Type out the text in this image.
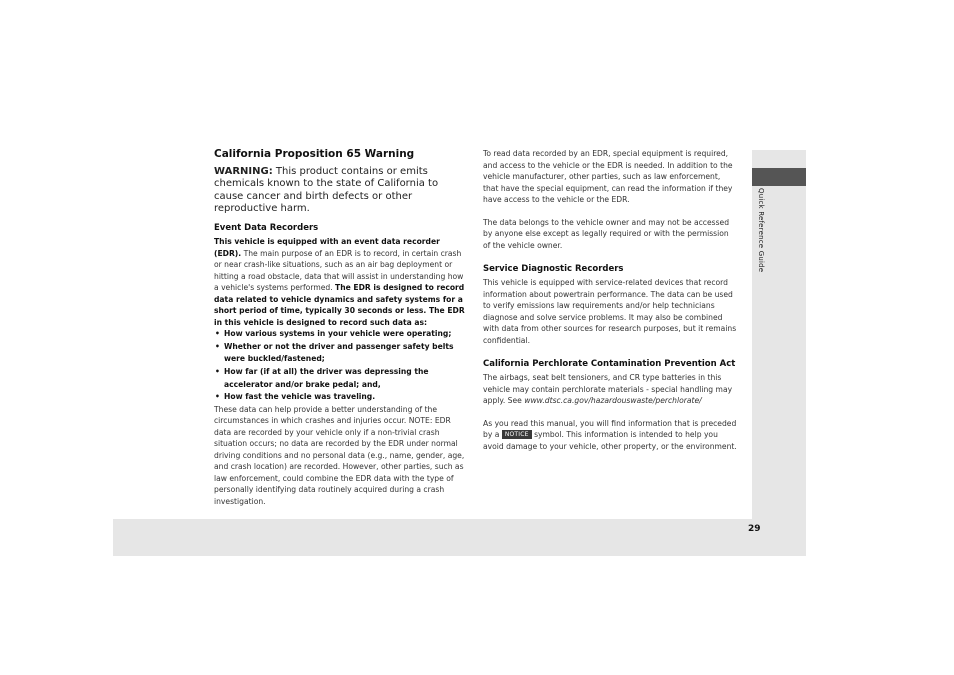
Quick Reference Guide
29
California Proposition 65 Warning
WARNING: This product contains or emits chemicals known to the state of California to cause cancer and birth defects or other reproductive harm.
Event Data Recorders

This vehicle is equipped with an event data recorder (EDR). The main purpose of an EDR is to record, in certain crash or near crash-like situations, such as an air bag deployment or hitting a road obstacle, data that will assist in understanding how a vehicle's systems performed. The EDR is designed to record data related to vehicle dynamics and safety systems for a short period of time, typically 30 seconds or less. The EDR in this vehicle is designed to record such data as:

• How various systems in your vehicle were operating;
• Whether or not the driver and passenger safety belts were buckled/fastened;
• How far (if at all) the driver was depressing the accelerator and/or brake pedal; and,
• How fast the vehicle was traveling.

These data can help provide a better understanding of the circumstances in which crashes and injuries occur. NOTE: EDR data are recorded by your vehicle only if a non-trivial crash situation occurs; no data are recorded by the EDR under normal driving conditions and no personal data (e.g., name, gender, age, and crash location) are recorded. However, other parties, such as law enforcement, could combine the EDR data with the type of personally identifying data routinely acquired during a crash investigation.

To read data recorded by an EDR, special equipment is required, and access to the vehicle or the EDR is needed. In addition to the vehicle manufacturer, other parties, such as law enforcement, that have the special equipment, can read the information if they have access to the vehicle or the EDR.

The data belongs to the vehicle owner and may not be accessed by anyone else except as legally required or with the permission of the vehicle owner.

Service Diagnostic Recorders

This vehicle is equipped with service-related devices that record information about powertrain performance. The data can be used to verify emissions law requirements and/or help technicians diagnose and solve service problems. It may also be combined with data from other sources for research purposes, but it remains confidential.

California Perchlorate Contamination Prevention Act

The airbags, seat belt tensioners, and CR type batteries in this vehicle may contain perchlorate materials - special handling may apply. See www.dtsc.ca.gov/hazardouswaste/perchlorate/

As you read this manual, you will find information that is preceded by a NOTICE symbol. This information is intended to help you avoid damage to your vehicle, other property, or the environment.
